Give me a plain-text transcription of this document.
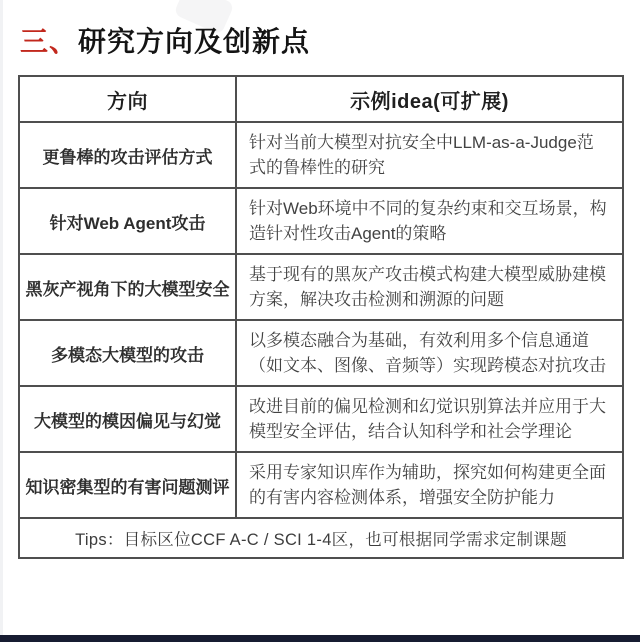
三、研究方向及创新点
方向	示例idea(可扩展)
更鲁棒的攻击评估方式	针对当前大模型对抗安全中LLM-as-a-Judge范式的鲁棒性的研究
针对Web Agent攻击	针对Web环境中不同的复杂约束和交互场景，构造针对性攻击Agent的策略
黑灰产视角下的大模型安全	基于现有的黑灰产攻击模式构建大模型威胁建模方案，解决攻击检测和溯源的问题
多模态大模型的攻击	以多模态融合为基础，有效利用多个信息通道（如文本、图像、音频等）实现跨模态对抗攻击
大模型的模因偏见与幻觉	改进目前的偏见检测和幻觉识别算法并应用于大模型安全评估，结合认知科学和社会学理论
知识密集型的有害问题测评	采用专家知识库作为辅助，探究如何构建更全面的有害内容检测体系，增强安全防护能力
Tips：目标区位CCF A-C / SCI 1-4区，也可根据同学需求定制课题	
